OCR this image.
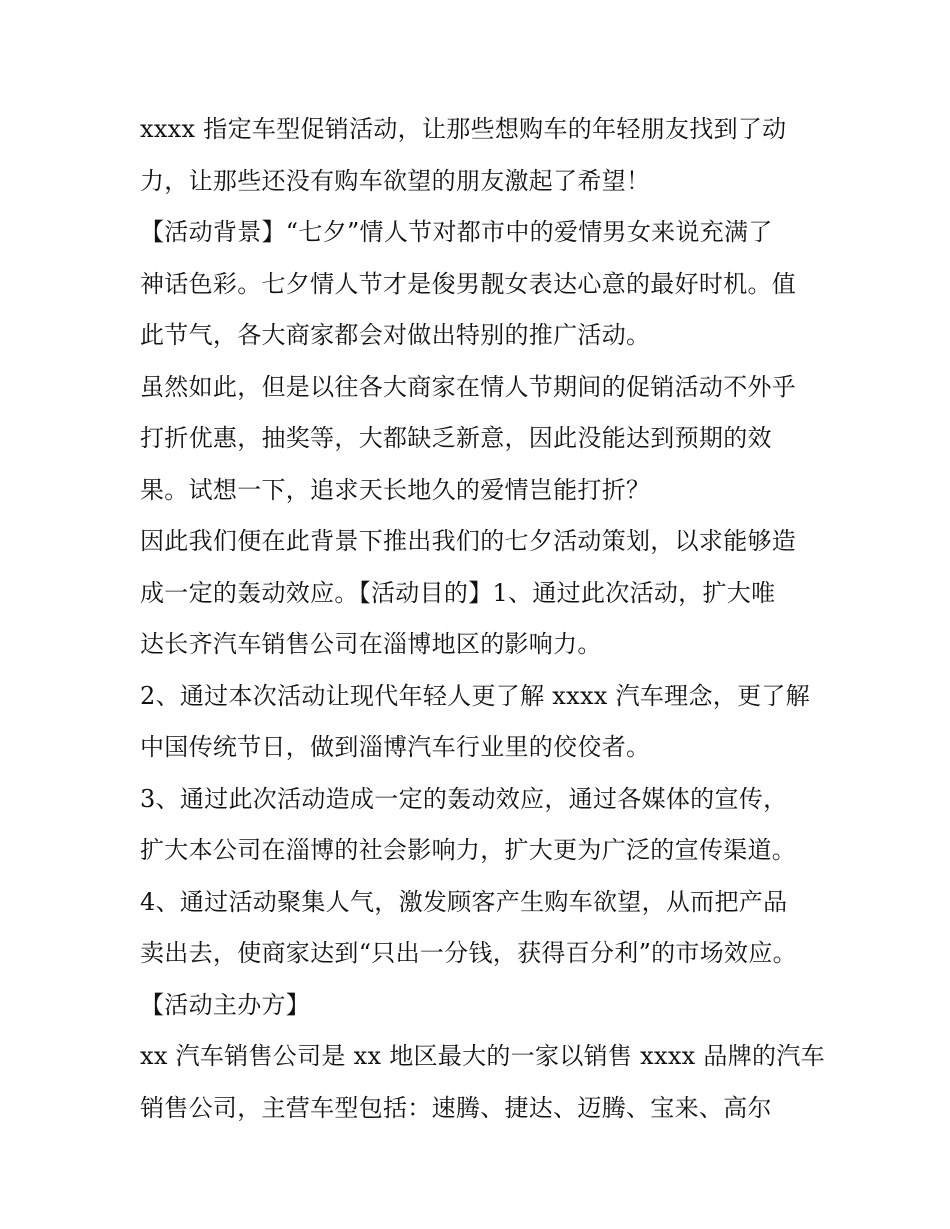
xxxx 指定车型促销活动，让那些想购车的年轻朋友找到了动
力，让那些还没有购车欲望的朋友激起了希望！
【活动背景】“七夕”情人节对都市中的爱情男女来说充满了
神话色彩。七夕情人节才是俊男靓女表达心意的最好时机。值
此节气，各大商家都会对做出特别的推广活动。
虽然如此，但是以往各大商家在情人节期间的促销活动不外乎
打折优惠，抽奖等，大都缺乏新意，因此没能达到预期的效
果。试想一下，追求天长地久的爱情岂能打折？
因此我们便在此背景下推出我们的七夕活动策划，以求能够造
成一定的轰动效应。【活动目的】1、通过此次活动，扩大唯
达长齐汽车销售公司在淄博地区的影响力。
2、通过本次活动让现代年轻人更了解 xxxx 汽车理念，更了解
中国传统节日，做到淄博汽车行业里的佼佼者。
3、通过此次活动造成一定的轰动效应，通过各媒体的宣传，
扩大本公司在淄博的社会影响力，扩大更为广泛的宣传渠道。
4、通过活动聚集人气，激发顾客产生购车欲望，从而把产品
卖出去，使商家达到“只出一分钱，获得百分利”的市场效应。
【活动主办方】
xx 汽车销售公司是 xx 地区最大的一家以销售 xxxx 品牌的汽车
销售公司，主营车型包括：速腾、捷达、迈腾、宝来、高尔
